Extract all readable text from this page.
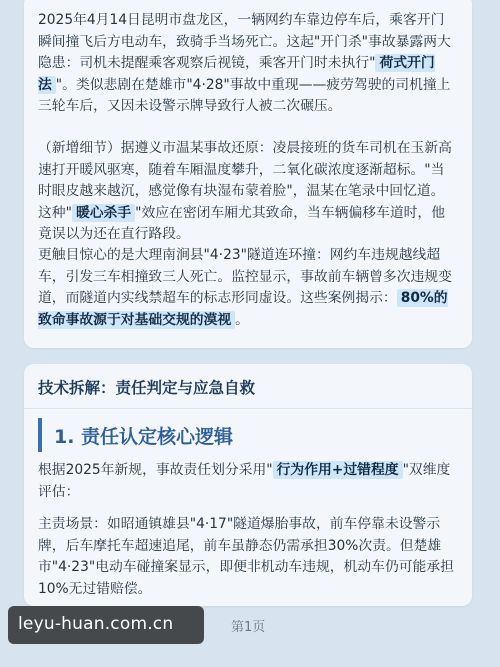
2025年4月14日昆明市盘龙区，一辆网约车靠边停车后，乘客开门瞬间撞飞后方电动车，致骑手当场死亡。这起"开门杀"事故暴露两大隐患：司机未提醒乘客观察后视镜，乘客开门时未执行" 荷式开门法 "。类似悲剧在楚雄市"4·28"事故中重现——疲劳驾驶的司机撞上三轮车后，又因未设警示牌导致行人被二次碾压。

（新增细节）据遵义市温某事故还原：凌晨接班的货车司机在玉新高速打开暖风驱寒，随着车厢温度攀升，二氧化碳浓度逐渐超标。"当时眼皮越来越沉，感觉像有块湿布蒙着脸"，温某在笔录中回忆道。这种" 暖心杀手 "效应在密闭车厢尤其致命，当车辆偏移车道时，他竟误以为还在直行路段。

更触目惊心的是大理南涧县"4·23"隧道连环撞：网约车违规越线超车，引发三车相撞致三人死亡。监控显示，事故前车辆曾多次违规变道，而隧道内实线禁超车的标志形同虚设。这些案例揭示： 80%的致命事故源于对基础交规的漠视 。

技术拆解：责任判定与应急自救
1. 责任认定核心逻辑

根据2025年新规，事故责任划分采用" 行为作用+过错程度 "双维度评估：

主责场景：如昭通镇雄县"4·17"隧道爆胎事故，前车停靠未设警示牌，后车摩托车超速追尾，前车虽静态仍需承担30%次责。但楚雄市"4·23"电动车碰撞案显示，即便非机动车违规，机动车仍可能承担10%无过错赔偿。

leyu-huan.com.cn	第1页
